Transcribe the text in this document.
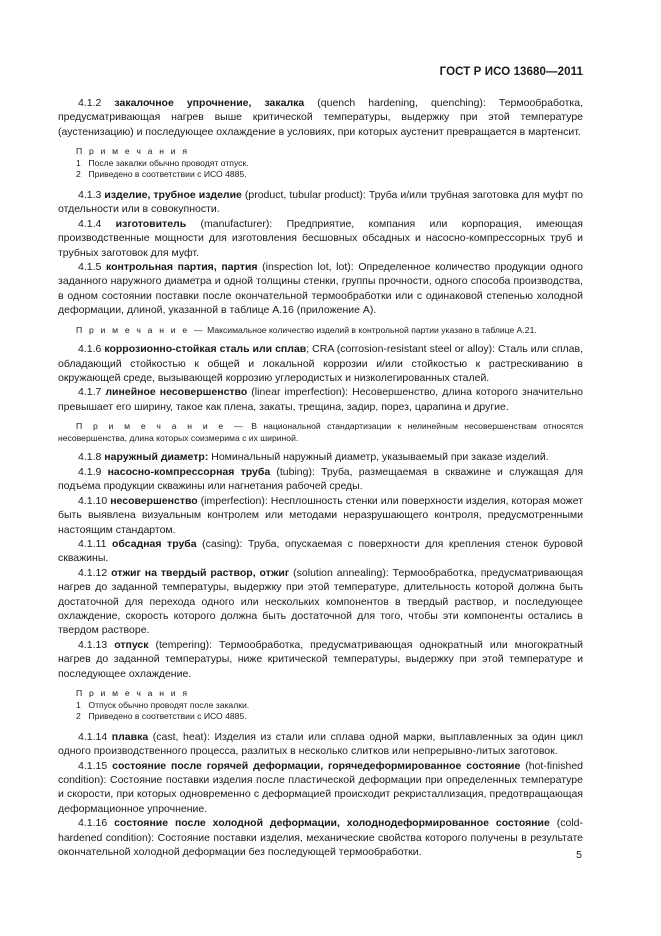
ГОСТ Р ИСО 13680—2011

4.1.2 закалочное упрочнение, закалка (quench hardening, quenching): Термообработка, предусматривающая нагрев выше критической температуры, выдержку при этой температуре (аустенизацию) и последующее охлаждение в условиях, при которых аустенит превращается в мартенсит.

П р и м е ч а н и я

1 После закалки обычно проводят отпуск.

2 Приведено в соответствии с ИСО 4885.

4.1.3 изделие, трубное изделие (product, tubular product): Труба и/или трубная заготовка для муфт по отдельности или в совокупности.

4.1.4 изготовитель (manufacturer): Предприятие, компания или корпорация, имеющая производственные мощности для изготовления бесшовных обсадных и насосно-компрессорных труб и трубных заготовок для муфт.

4.1.5 контрольная партия, партия (inspection lot, lot): Определенное количество продукции одного заданного наружного диаметра и одной толщины стенки, группы прочности, одного способа производства, в одном состоянии поставки после окончательной термообработки или с одинаковой степенью холодной деформации, длиной, указанной в таблице А.16 (приложение А).

П р и м е ч а н и е — Максимальное количество изделий в контрольной партии указано в таблице А.21.

4.1.6 коррозионно-стойкая сталь или сплав; CRA (corrosion-resistant steel or alloy): Сталь или сплав, обладающий стойкостью к общей и локальной коррозии и/или стойкостью к растрескиванию в окружающей среде, вызывающей коррозию углеродистых и низколегированных сталей.

4.1.7 линейное несовершенство (linear imperfection): Несовершенство, длина которого значительно превышает его ширину, такое как плена, закаты, трещина, задир, порез, царапина и другие.

П р и м е ч а н и е — В национальной стандартизации к нелинейным несовершенствам относятся несовершенства, длина которых соизмерима с их шириной.

4.1.8 наружный диаметр: Номинальный наружный диаметр, указываемый при заказе изделий.

4.1.9 насосно-компрессорная труба (tubing): Труба, размещаемая в скважине и служащая для подъема продукции скважины или нагнетания рабочей среды.

4.1.10 несовершенство (imperfection): Несплошность стенки или поверхности изделия, которая может быть выявлена визуальным контролем или методами неразрушающего контроля, предусмотренными настоящим стандартом.

4.1.11 обсадная труба (casing): Труба, опускаемая с поверхности для крепления стенок буровой скважины.

4.1.12 отжиг на твердый раствор, отжиг (solution annealing): Термообработка, предусматривающая нагрев до заданной температуры, выдержку при этой температуре, длительность которой должна быть достаточной для перехода одного или нескольких компонентов в твердый раствор, и последующее охлаждение, скорость которого должна быть достаточной для того, чтобы эти компоненты остались в твердом растворе.

4.1.13 отпуск (tempering): Термообработка, предусматривающая однократный или многократный нагрев до заданной температуры, ниже критической температуры, выдержку при этой температуре и последующее охлаждение.

П р и м е ч а н и я

1 Отпуск обычно проводят после закалки.

2 Приведено в соответствии с ИСО 4885.

4.1.14 плавка (cast, heat): Изделия из стали или сплава одной марки, выплавленных за один цикл одного производственного процесса, разлитых в несколько слитков или непрерывно-литых заготовок.

4.1.15 состояние после горячей деформации, горячедеформированное состояние (hot-finished condition): Состояние поставки изделия после пластической деформации при определенных температуре и скорости, при которых одновременно с деформацией происходит рекристаллизация, предотвращающая деформационное упрочнение.

4.1.16 состояние после холодной деформации, холоднодеформированное состояние (cold-hardened condition): Состояние поставки изделия, механические свойства которого получены в результате окончательной холодной деформации без последующей термообработки.	5
